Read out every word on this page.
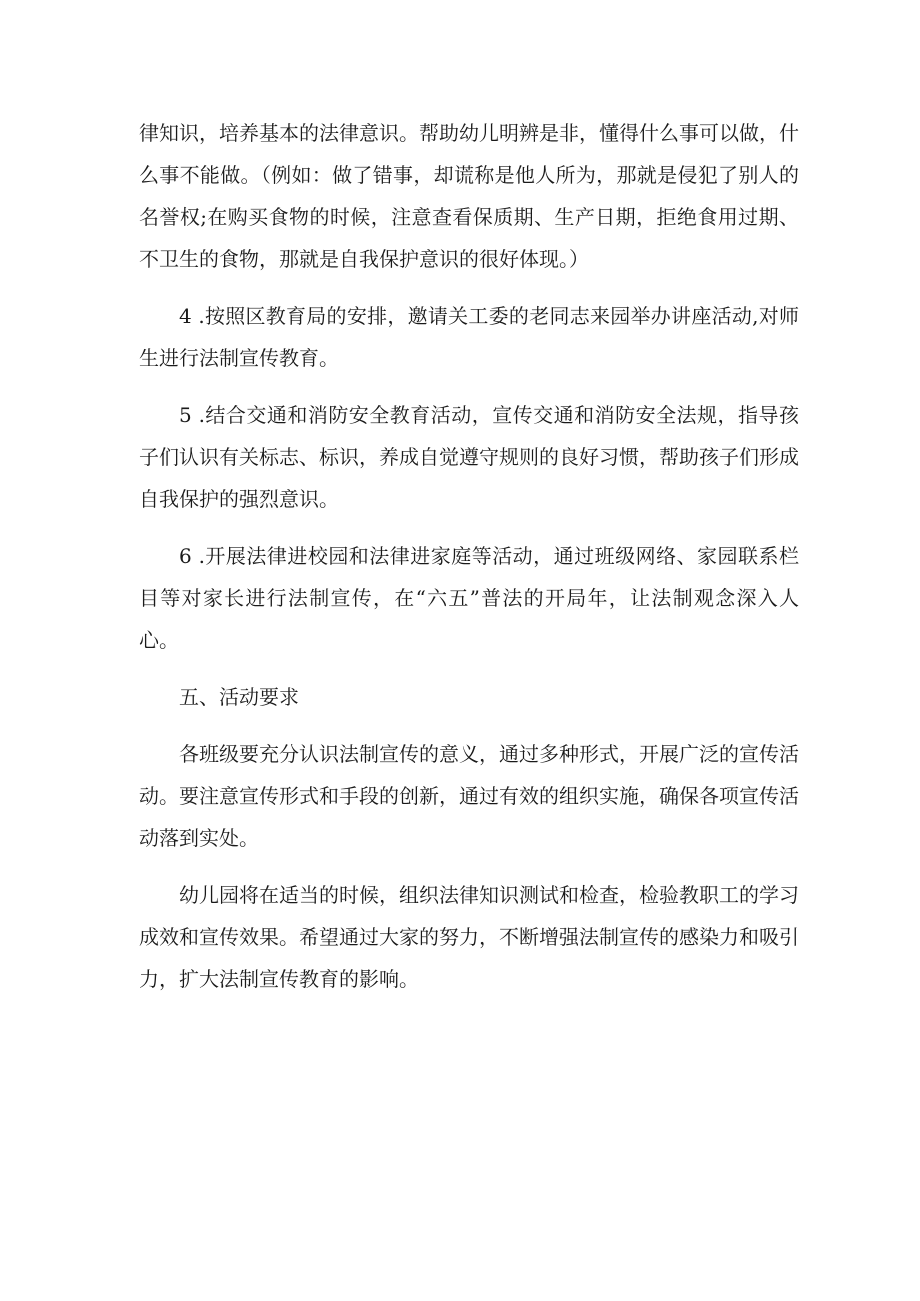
律知识，培养基本的法律意识。帮助幼儿明辨是非，懂得什么事可以做，什么事不能做。（例如：做了错事，却谎称是他人所为，那就是侵犯了别人的名誉权;在购买食物的时候，注意查看保质期、生产日期，拒绝食用过期、不卫生的食物，那就是自我保护意识的很好体现。）

4 .按照区教育局的安排，邀请关工委的老同志来园举办讲座活动,对师生进行法制宣传教育。

5 .结合交通和消防安全教育活动，宣传交通和消防安全法规，指导孩子们认识有关标志、标识，养成自觉遵守规则的良好习惯，帮助孩子们形成自我保护的强烈意识。

6 .开展法律进校园和法律进家庭等活动，通过班级网络、家园联系栏目等对家长进行法制宣传，在“六五”普法的开局年，让法制观念深入人心。

五、活动要求

各班级要充分认识法制宣传的意义，通过多种形式，开展广泛的宣传活动。要注意宣传形式和手段的创新，通过有效的组织实施，确保各项宣传活动落到实处。

幼儿园将在适当的时候，组织法律知识测试和检查，检验教职工的学习成效和宣传效果。希望通过大家的努力，不断增强法制宣传的感染力和吸引力，扩大法制宣传教育的影响。
